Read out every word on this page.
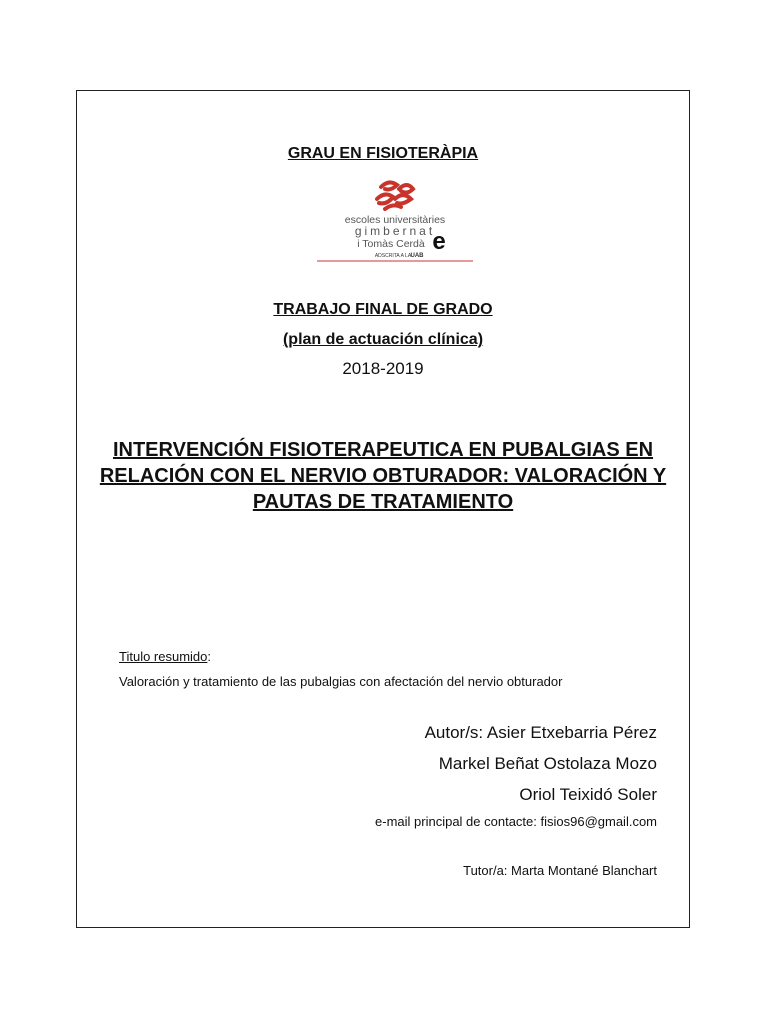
GRAU EN FISIOTERÀPIA
escoles universitàries
gimbernat
i Tomàs Cerdà e
ADSCRITA A LA UAB
TRABAJO FINAL DE GRADO
(plan de actuación clínica)
2018-2019
INTERVENCIÓN FISIOTERAPEUTICA EN PUBALGIAS EN RELACIÓN CON EL NERVIO OBTURADOR: VALORACIÓN Y PAUTAS DE TRATAMIENTO
Titulo resumido:
Valoración y tratamiento de las pubalgias con afectación del nervio obturador
Autor/s: Asier Etxebarria Pérez
Markel Beñat Ostolaza Mozo
Oriol Teixidó Soler
e-mail principal de contacte: fisios96@gmail.com
Tutor/a: Marta Montané Blanchart
